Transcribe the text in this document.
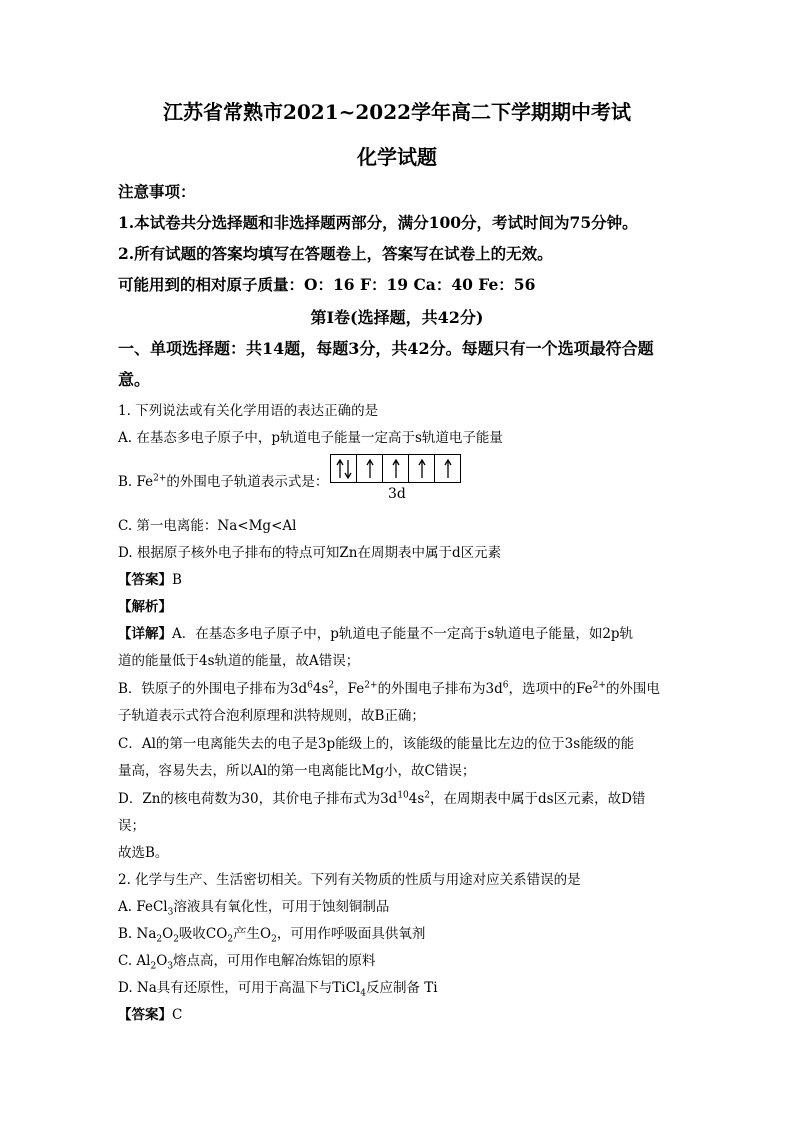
江苏省常熟市2021~2022学年高二下学期期中考试
化学试题
注意事项：
1.本试卷共分选择题和非选择题两部分，满分100分，考试时间为75分钟。
2.所有试题的答案均填写在答题卷上，答案写在试卷上的无效。
可能用到的相对原子质量：O：16 F：19 Ca：40 Fe：56
第Ⅰ卷(选择题，共42分)
一、单项选择题：共14题，每题3分，共42分。每题只有一个选项最符合题
意。
1. 下列说法或有关化学用语的表达正确的是
A. 在基态多电子原子中，p轨道电子能量一定高于s轨道电子能量
B. $Fe^{2+}$的外围电子轨道表示式是：
3d
C. 第一电离能：Na<Mg<Al
D. 根据原子核外电子排布的特点可知Zn在周期表中属于d区元素
【答案】B
【解析】
【详解】A．在基态多电子原子中，p轨道电子能量不一定高于s轨道电子能量，如2p轨
道的能量低于4s轨道的能量，故A错误；
B．铁原子的外围电子排布为$3d^64s^2$，$Fe^{2+}$的外围电子排布为$3d^6$，选项中的$Fe^{2+}$的外围电
子轨道表示式符合泡利原理和洪特规则，故B正确；
C．Al的第一电离能失去的电子是3p能级上的，该能级的能量比左边的位于3s能级的能
量高，容易失去，所以Al的第一电离能比Mg小，故C错误；
D．Zn的核电荷数为30，其价电子排布式为$3d^{10}4s^2$，在周期表中属于ds区元素，故D错
误；
故选B。
2. 化学与生产、生活密切相关。下列有关物质的性质与用途对应关系错误的是
A. FeCl$_3$溶液具有氧化性，可用于蚀刻铜制品
B. $Na_2O_2$吸收$CO_2$产生$O_2$，可用作呼吸面具供氧剂
C. $Al_2O_3$熔点高，可用作电解冶炼铝的原料
D. Na具有还原性，可用于高温下与TiCl$_4$反应制备 Ti
【答案】C
